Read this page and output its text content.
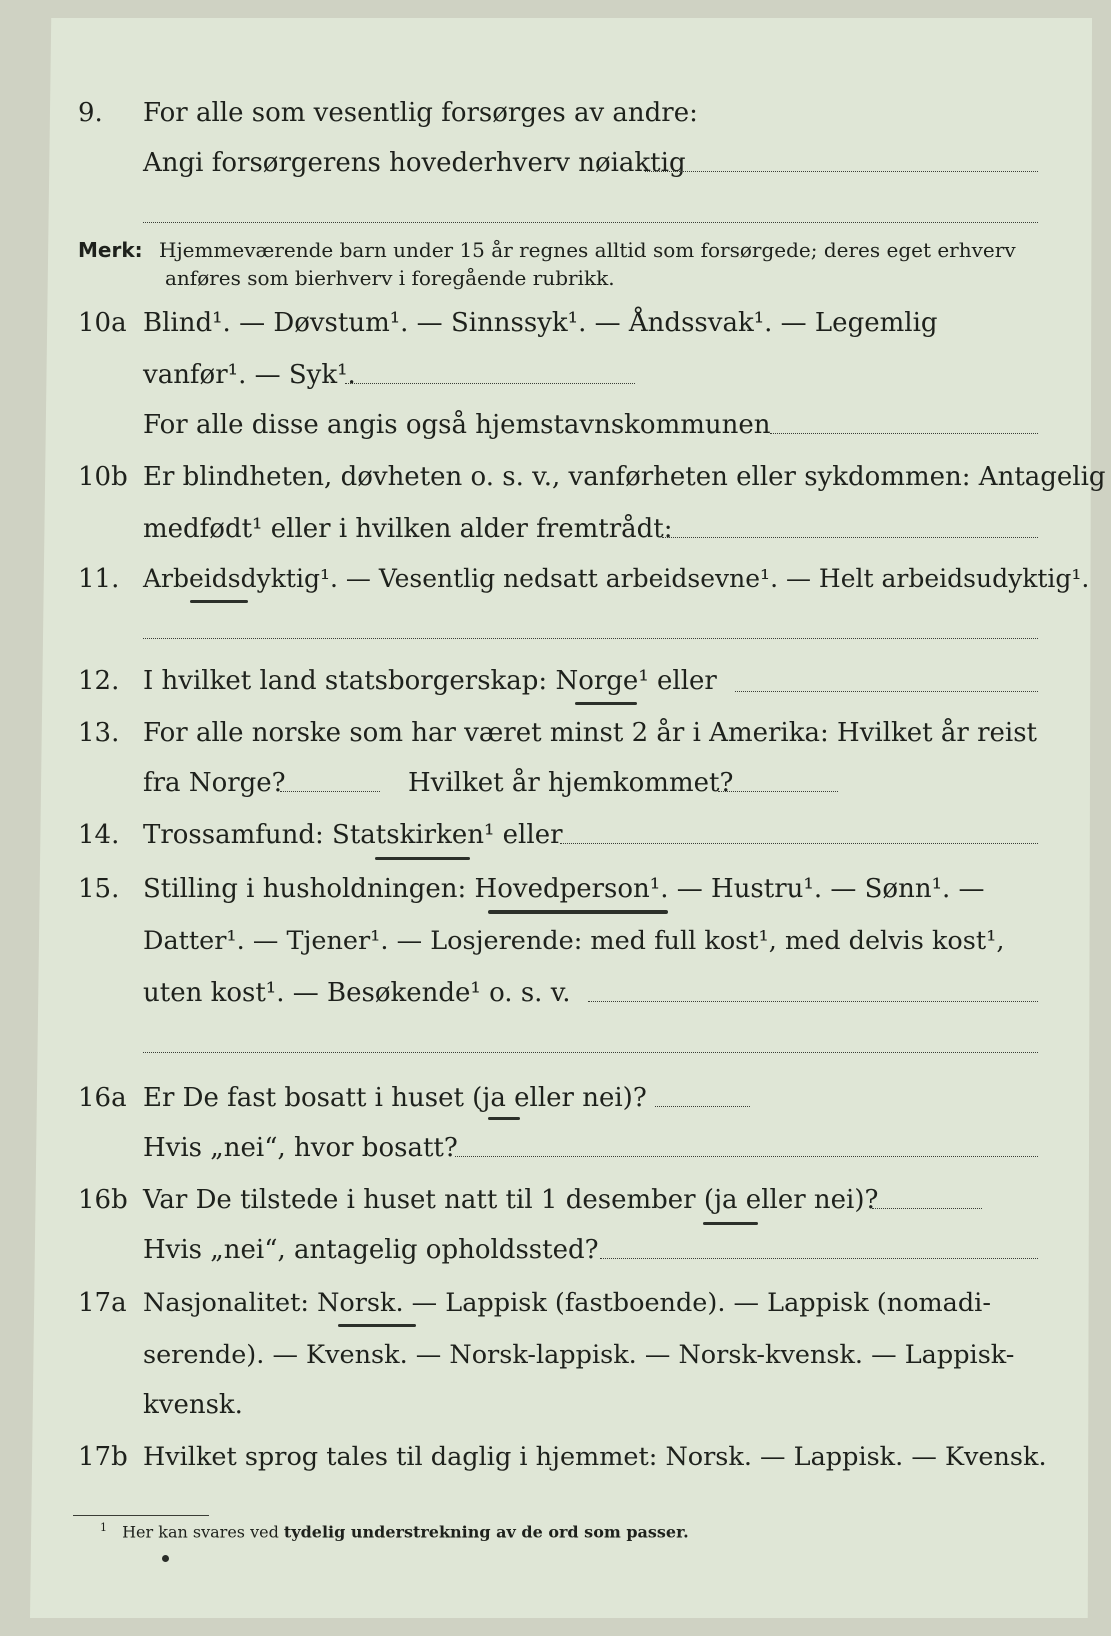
9.	For alle som vesentlig forsørges av andre:
Angi forsørgerens hovederhverv nøiaktig
Merk: Hjemmeværende barn under 15 år regnes alltid som forsørgede; deres eget erhverv
anføres som bierhverv i foregående rubrikk.
10a Blind¹. — Døvstum¹. — Sinnssyk¹. — Åndssvak¹. — Legemlig
vanfør¹. — Syk¹.
For alle disse angis også hjemstavnskommunen
10b Er blindheten, døvheten o. s. v., vanførheten eller sykdommen: Antagelig
medfødt¹ eller i hvilken alder fremtrådt:
11. Arbeidsdyktig¹. — Vesentlig nedsatt arbeidsevne¹. — Helt arbeidsudyktig¹.
12. I hvilket land statsborgerskap: Norge¹ eller
13. For alle norske som har været minst 2 år i Amerika: Hvilket år reist
fra Norge?	Hvilket år hjemkommet?
14. Trossamfund: Statskirken¹ eller
15. Stilling i husholdningen: Hovedperson¹. — Hustru¹. — Sønn¹. —
Datter¹. — Tjener¹. — Losjerende: med full kost¹, med delvis kost¹,
uten kost¹. — Besøkende¹ o. s. v.
16a Er De fast bosatt i huset (ja eller nei)?
Hvis „nei“, hvor bosatt?
16b Var De tilstede i huset natt til 1 desember (ja eller nei)?
Hvis „nei“, antagelig opholdssted?
17a Nasjonalitet: Norsk. — Lappisk (fastboende). — Lappisk (nomadi-
serende). — Kvensk. — Norsk-lappisk. — Norsk-kvensk. — Lappisk-
kvensk.
17b Hvilket sprog tales til daglig i hjemmet: Norsk. — Lappisk. — Kvensk.
$^1$ Her kan svares ved tydelig understrekning av de ord som passer.
